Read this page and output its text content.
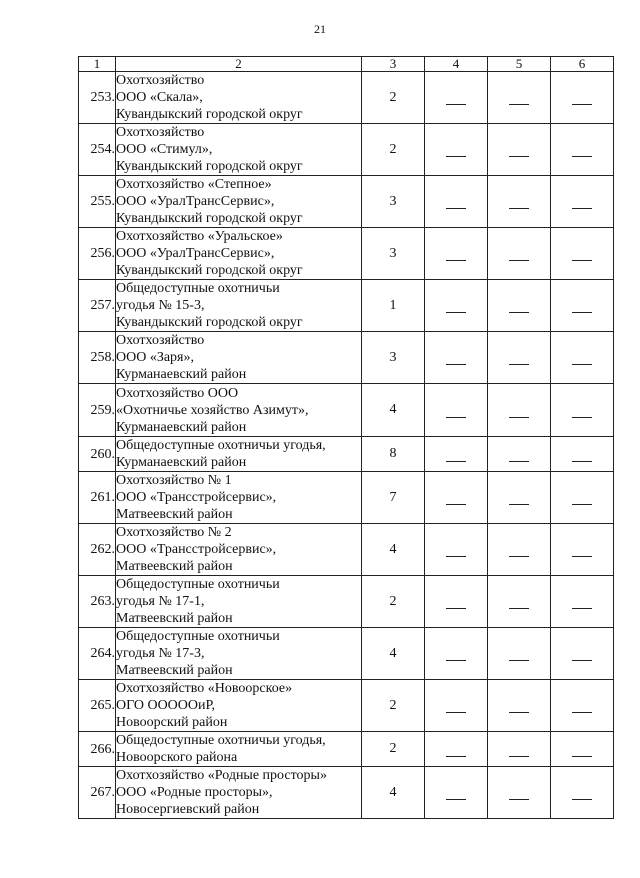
21
1	2	3	4	5	6
253.	Охотхозяйство
ООО «Скала»,
Кувандыкский городской округ	2			
254.	Охотхозяйство
ООО «Стимул»,
Кувандыкский городской округ	2			
255.	Охотхозяйство «Степное»
ООО «УралТрансСервис»,
Кувандыкский городской округ	3			
256.	Охотхозяйство «Уральское»
ООО «УралТрансСервис»,
Кувандыкский городской округ	3			
257.	Общедоступные охотничьи
угодья № 15-3,
Кувандыкский городской округ	1			
258.	Охотхозяйство
ООО «Заря»,
Курманаевский район	3			
259.	Охотхозяйство ООО
«Охотничье хозяйство Азимут»,
Курманаевский район	4			
260.	Общедоступные охотничьи угодья,
Курманаевский район	8			
261.	Охотхозяйство № 1
ООО «Трансстройсервис»,
Матвеевский район	7			
262.	Охотхозяйство № 2
ООО «Трансстройсервис»,
Матвеевский район	4			
263.	Общедоступные охотничьи
угодья № 17-1,
Матвеевский район	2			
264.	Общедоступные охотничьи
угодья № 17-3,
Матвеевский район	4			
265.	Охотхозяйство «Новоорское»
ОГО ОООООиР,
Новоорский район	2			
266.	Общедоступные охотничьи угодья,
Новоорского района	2			
267.	Охотхозяйство «Родные просторы»
ООО «Родные просторы»,
Новосергиевский район	4			
